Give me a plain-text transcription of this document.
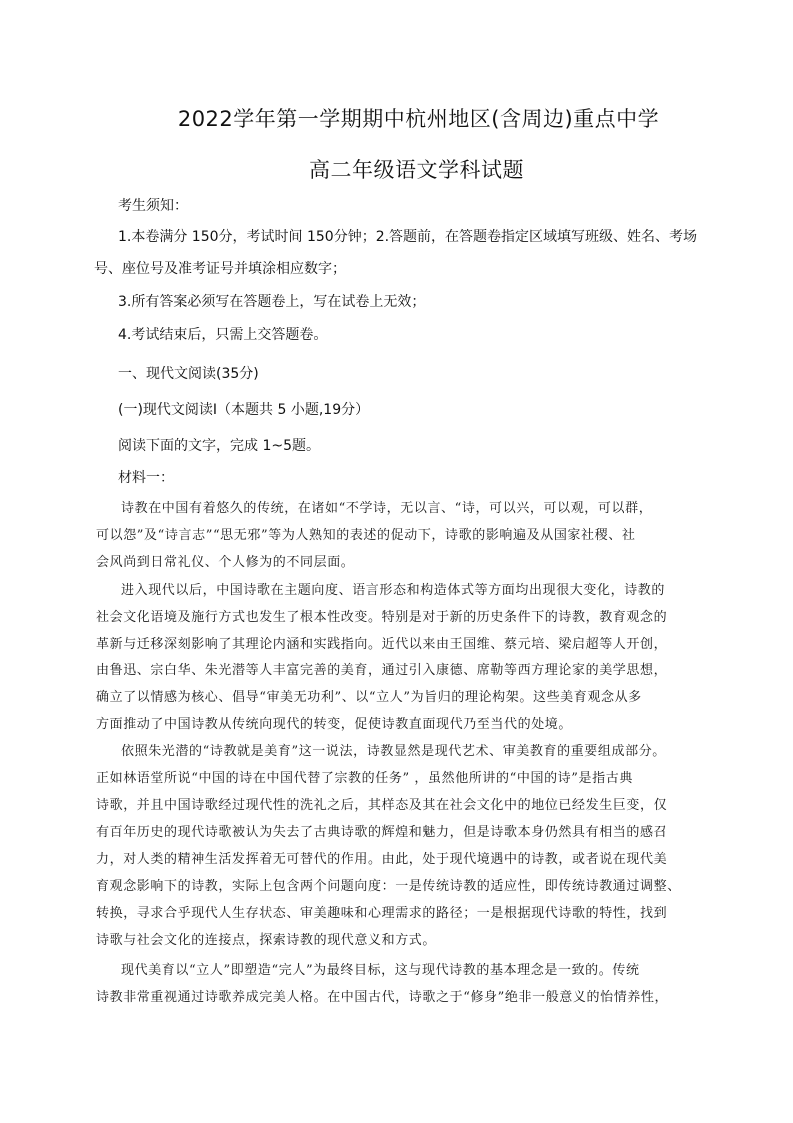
2022学年第一学期期中杭州地区(含周边)重点中学
高二年级语文学科试题
考生须知：
1.本卷满分 150分，考试时间 150分钟；2.答题前，在答题卷指定区域填写班级、姓名、考场
号、座位号及准考证号并填涂相应数字；
3.所有答案必须写在答题卷上，写在试卷上无效；
4.考试结束后，只需上交答题卷。
一、现代文阅读(35分)
(一)现代文阅读Ⅰ（本题共 5 小题,19分）
阅读下面的文字，完成 1~5题。
材料一：
诗教在中国有着悠久的传统，在诸如“不学诗，无以言、“诗，可以兴，可以观，可以群，
可以怨”及“诗言志”“思无邪”等为人熟知的表述的促动下，诗歌的影响遍及从国家社稷、社
会风尚到日常礼仪、个人修为的不同层面。
进入现代以后，中国诗歌在主题向度、语言形态和构造体式等方面均出现很大变化，诗教的
社会文化语境及施行方式也发生了根本性改变。特别是对于新的历史条件下的诗教，教育观念的
革新与迁移深刻影响了其理论内涵和实践指向。近代以来由王国维、蔡元培、梁启超等人开创，
由鲁迅、宗白华、朱光潜等人丰富完善的美育，通过引入康德、席勒等西方理论家的美学思想，
确立了以情感为核心、倡导“审美无功利”、以“立人”为旨归的理论构架。这些美育观念从多
方面推动了中国诗教从传统向现代的转变，促使诗教直面现代乃至当代的处境。
依照朱光潜的“诗教就是美育”这一说法，诗教显然是现代艺术、审美教育的重要组成部分。
正如林语堂所说“中国的诗在中国代替了宗教的任务” ，虽然他所讲的“中国的诗”是指古典
诗歌，并且中国诗歌经过现代性的洗礼之后，其样态及其在社会文化中的地位已经发生巨变，仅
有百年历史的现代诗歌被认为失去了古典诗歌的辉煌和魅力，但是诗歌本身仍然具有相当的感召
力，对人类的精神生活发挥着无可替代的作用。由此，处于现代境遇中的诗教，或者说在现代美
育观念影响下的诗教，实际上包含两个问题向度：一是传统诗教的适应性，即传统诗教通过调整、
转换，寻求合乎现代人生存状态、审美趣味和心理需求的路径；一是根据现代诗歌的特性，找到
诗歌与社会文化的连接点，探索诗教的现代意义和方式。
现代美育以“立人”即塑造“完人”为最终目标，这与现代诗教的基本理念是一致的。传统
诗教非常重视通过诗歌养成完美人格。在中国古代，诗歌之于“修身”绝非一般意义的怡情养性，
